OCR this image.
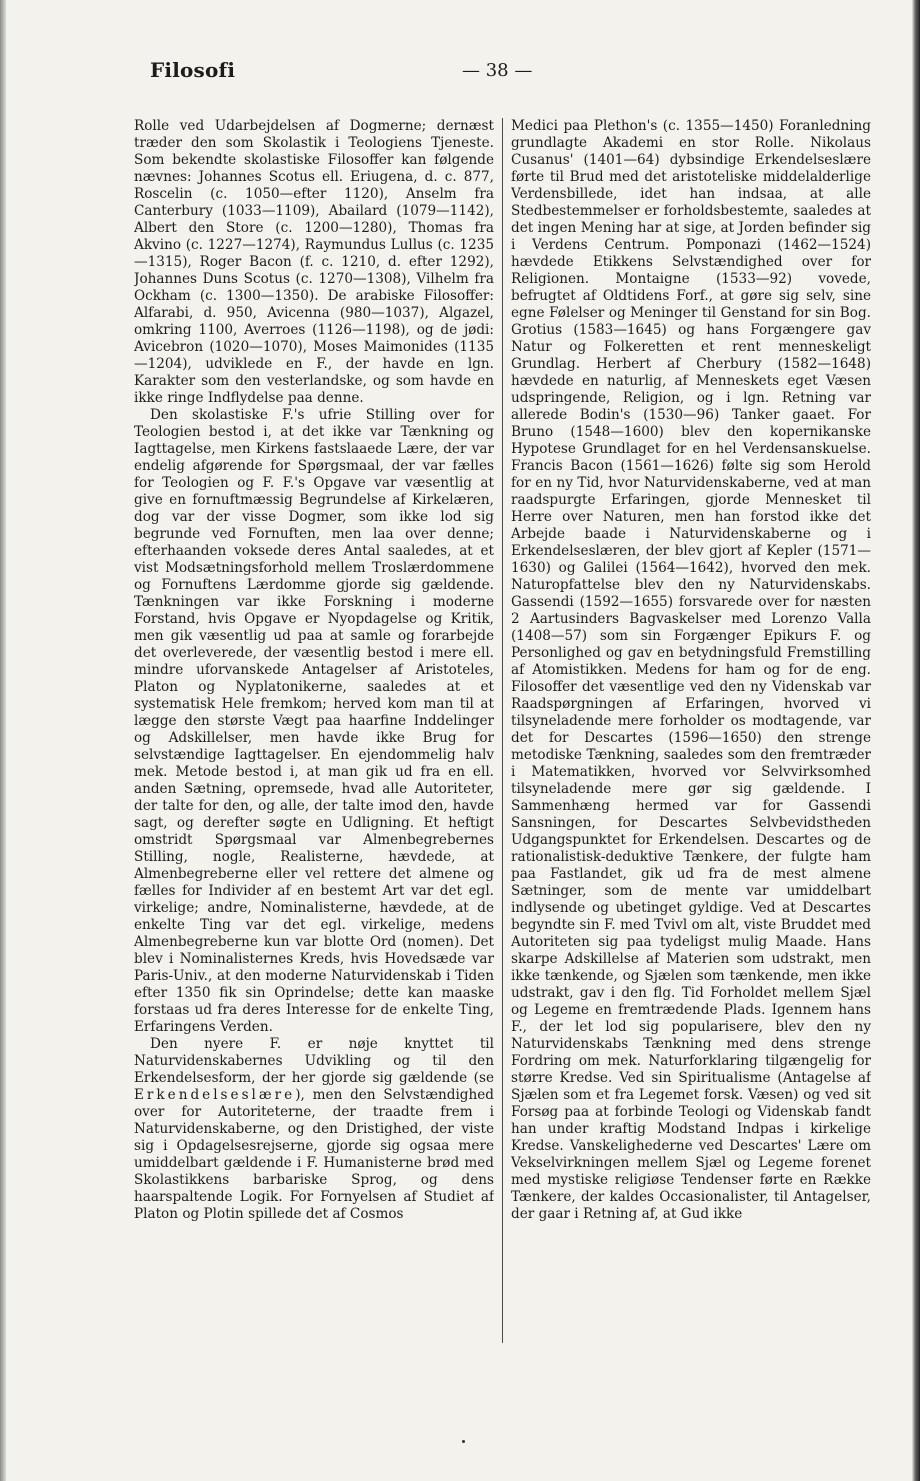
Filosofi	— 38 —

Rolle ved Udarbejdelsen af Dogmerne; dernæst træder den som Skolastik i Teologiens Tjeneste. Som bekendte skolastiske Filosoffer kan følgende nævnes: Johannes Scotus ell. Eriugena, d. c. 877, Roscelin (c. 1050—efter 1120), Anselm fra Canterbury (1033—1109), Abailard (1079—1142), Albert den Store (c. 1200—1280), Thomas fra Akvino (c. 1227—1274), Raymundus Lullus (c. 1235—1315), Roger Bacon (f. c. 1210, d. efter 1292), Johannes Duns Scotus (c. 1270—1308), Vilhelm fra Ockham (c. 1300—1350). De arabiske Filosoffer: Alfarabi, d. 950, Avicenna (980—1037), Algazel, omkring 1100, Averroes (1126—1198), og de jødi: Avicebron (1020—1070), Moses Maimonides (1135—1204), udviklede en F., der havde en lgn. Karakter som den vesterlandske, og som havde en ikke ringe Indflydelse paa denne.

Den skolastiske F.'s ufrie Stilling over for Teologien bestod i, at det ikke var Tænkning og Iagttagelse, men Kirkens fastslaaede Lære, der var endelig afgørende for Spørgsmaal, der var fælles for Teologien og F. F.'s Opgave var væsentlig at give en fornuftmæssig Begrundelse af Kirkelæren, dog var der visse Dogmer, som ikke lod sig begrunde ved Fornuften, men laa over denne; efterhaanden voksede deres Antal saaledes, at et vist Modsætningsforhold mellem Troslærdommene og Fornuftens Lærdomme gjorde sig gældende. Tænkningen var ikke Forskning i moderne Forstand, hvis Opgave er Nyopdagelse og Kritik, men gik væsentlig ud paa at samle og forarbejde det overleverede, der væsentlig bestod i mere ell. mindre uforvanskede Antagelser af Aristoteles, Platon og Nyplatonikerne, saaledes at et systematisk Hele fremkom; herved kom man til at lægge den største Vægt paa haarfine Inddelinger og Adskillelser, men havde ikke Brug for selvstændige Iagttagelser. En ejendommelig halv mek. Metode bestod i, at man gik ud fra en ell. anden Sætning, opremsede, hvad alle Autoriteter, der talte for den, og alle, der talte imod den, havde sagt, og derefter søgte en Udligning. Et heftigt omstridt Spørgsmaal var Almenbegrebernes Stilling, nogle, Realisterne, hævdede, at Almenbegreberne eller vel rettere det almene og fælles for Individer af en bestemt Art var det egl. virkelige; andre, Nominalisterne, hævdede, at de enkelte Ting var det egl. virkelige, medens Almenbegreberne kun var blotte Ord (nomen). Det blev i Nominalisternes Kreds, hvis Hovedsæde var Paris-Univ., at den moderne Naturvidenskab i Tiden efter 1350 fik sin Oprindelse; dette kan maaske forstaas ud fra deres Interesse for de enkelte Ting, Erfaringens Verden.

Den nyere F. er nøje knyttet til Naturvidenskabernes Udvikling og til den Erkendelsesform, der her gjorde sig gældende (se Erkendelseslære), men den Selvstændighed over for Autoriteterne, der traadte frem i Naturvidenskaberne, og den Dristighed, der viste sig i Opdagelsesrejserne, gjorde sig ogsaa mere umiddelbart gældende i F. Humanisterne brød med Skolastikkens barbariske Sprog, og dens haarspaltende Logik. For Fornyelsen af Studiet af Platon og Plotin spillede det af Cosmos

Medici paa Plethon's (c. 1355—1450) Foranledning grundlagte Akademi en stor Rolle. Nikolaus Cusanus' (1401—64) dybsindige Erkendelseslære førte til Brud med det aristoteliske middelalderlige Verdensbillede, idet han indsaa, at alle Stedbestemmelser er forholdsbestemte, saaledes at det ingen Mening har at sige, at Jorden befinder sig i Verdens Centrum. Pomponazi (1462—1524) hævdede Etikkens Selvstændighed over for Religionen. Montaigne (1533—92) vovede, befrugtet af Oldtidens Forf., at gøre sig selv, sine egne Følelser og Meninger til Genstand for sin Bog. Grotius (1583—1645) og hans Forgængere gav Natur og Folkeretten et rent menneskeligt Grundlag. Herbert af Cherbury (1582—1648) hævdede en naturlig, af Menneskets eget Væsen udspringende, Religion, og i lgn. Retning var allerede Bodin's (1530—96) Tanker gaaet. For Bruno (1548—1600) blev den kopernikanske Hypotese Grundlaget for en hel Verdensanskuelse. Francis Bacon (1561—1626) følte sig som Herold for en ny Tid, hvor Naturvidenskaberne, ved at man raadspurgte Erfaringen, gjorde Mennesket til Herre over Naturen, men han forstod ikke det Arbejde baade i Naturvidenskaberne og i Erkendelseslæren, der blev gjort af Kepler (1571—1630) og Galilei (1564—1642), hvorved den mek. Naturopfattelse blev den ny Naturvidenskabs. Gassendi (1592—1655) forsvarede over for næsten 2 Aartusinders Bagvaskelser med Lorenzo Valla (1408—57) som sin Forgænger Epikurs F. og Personlighed og gav en betydningsfuld Fremstilling af Atomistikken. Medens for ham og for de eng. Filosoffer det væsentlige ved den ny Videnskab var Raadspørgningen af Erfaringen, hvorved vi tilsyneladende mere forholder os modtagende, var det for Descartes (1596—1650) den strenge metodiske Tænkning, saaledes som den fremtræder i Matematikken, hvorved vor Selvvirksomhed tilsyneladende mere gør sig gældende. I Sammenhæng hermed var for Gassendi Sansningen, for Descartes Selvbevidstheden Udgangspunktet for Erkendelsen. Descartes og de rationalistisk-deduktive Tænkere, der fulgte ham paa Fastlandet, gik ud fra de mest almene Sætninger, som de mente var umiddelbart indlysende og ubetinget gyldige. Ved at Descartes begyndte sin F. med Tvivl om alt, viste Bruddet med Autoriteten sig paa tydeligst mulig Maade. Hans skarpe Adskillelse af Materien som udstrakt, men ikke tænkende, og Sjælen som tænkende, men ikke udstrakt, gav i den flg. Tid Forholdet mellem Sjæl og Legeme en fremtrædende Plads. Igennem hans F., der let lod sig popularisere, blev den ny Naturvidenskabs Tænkning med dens strenge Fordring om mek. Naturforklaring tilgængelig for større Kredse. Ved sin Spiritualisme (Antagelse af Sjælen som et fra Legemet forsk. Væsen) og ved sit Forsøg paa at forbinde Teologi og Videnskab fandt han under kraftig Modstand Indpas i kirkelige Kredse. Vanskelighederne ved Descartes' Lære om Vekselvirkningen mellem Sjæl og Legeme forenet med mystiske religiøse Tendenser førte en Række Tænkere, der kaldes Occasionalister, til Antagelser, der gaar i Retning af, at Gud ikke
